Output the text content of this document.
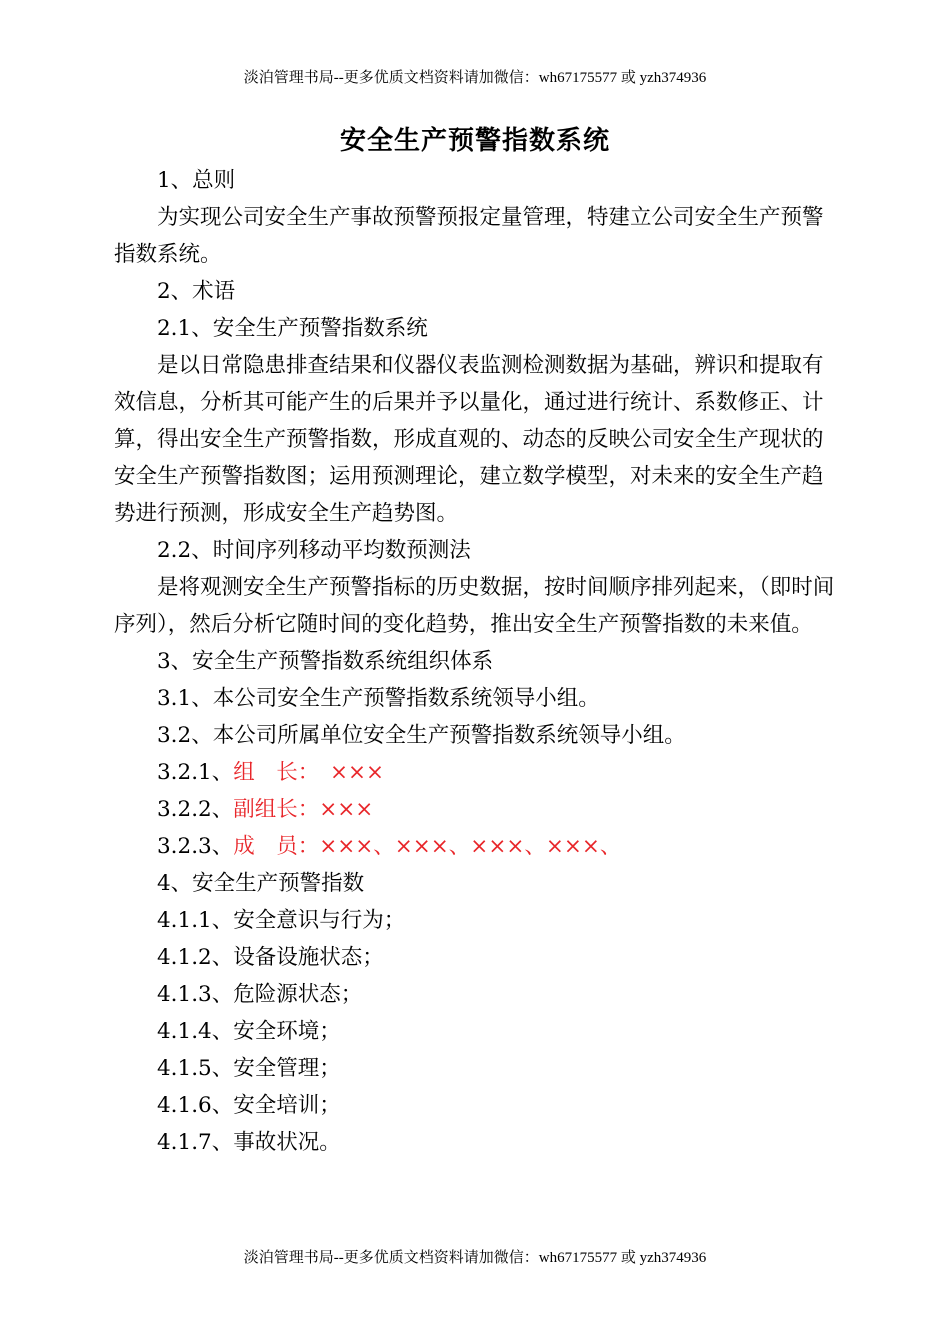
淡泊管理书局--更多优质文档资料请加微信：wh67175577 或 yzh374936
安全生产预警指数系统

1、总则

为实现公司安全生产事故预警预报定量管理，特建立公司安全生产预警指数系统。

2、术语

2.1、安全生产预警指数系统

是以日常隐患排查结果和仪器仪表监测检测数据为基础，辨识和提取有效信息，分析其可能产生的后果并予以量化，通过进行统计、系数修正、计算，得出安全生产预警指数，形成直观的、动态的反映公司安全生产现状的安全生产预警指数图；运用预测理论，建立数学模型，对未来的安全生产趋势进行预测，形成安全生产趋势图。

2.2、时间序列移动平均数预测法

是将观测安全生产预警指标的历史数据，按时间顺序排列起来，（即时间序列），然后分析它随时间的变化趋势，推出安全生产预警指数的未来值。

3、安全生产预警指数系统组织体系

3.1、本公司安全生产预警指数系统领导小组。

3.2、本公司所属单位安全生产预警指数系统领导小组。

3.2.1、组　长：　×××

3.2.2、副组长：×××

3.2.3、成　员：×××、×××、×××、×××、

4、安全生产预警指数

4.1.1、安全意识与行为；

4.1.2、设备设施状态；

4.1.3、危险源状态；

4.1.4、安全环境；

4.1.5、安全管理；

4.1.6、安全培训；

4.1.7、事故状况。

淡泊管理书局--更多优质文档资料请加微信：wh67175577 或 yzh374936
